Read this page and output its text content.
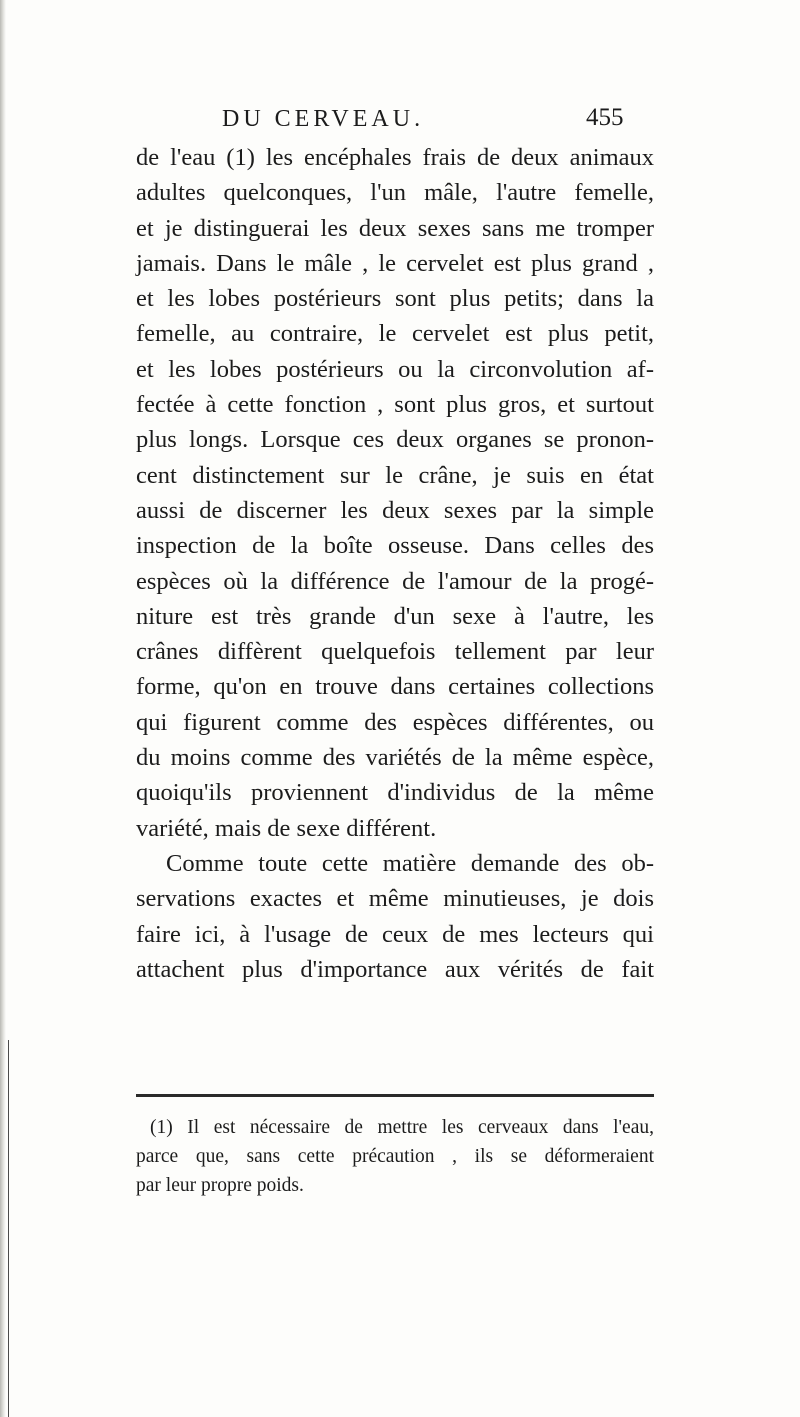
DU CERVEAU.	455
de l'eau (1) les encéphales frais de deux animaux
adultes quelconques, l'un mâle, l'autre femelle,
et je distinguerai les deux sexes sans me tromper
jamais. Dans le mâle , le cervelet est plus grand ,
et les lobes postérieurs sont plus petits; dans la
femelle, au contraire, le cervelet est plus petit,
et les lobes postérieurs ou la circonvolution af-
fectée à cette fonction , sont plus gros, et surtout
plus longs. Lorsque ces deux organes se pronon-
cent distinctement sur le crâne, je suis en état
aussi de discerner les deux sexes par la simple
inspection de la boîte osseuse. Dans celles des
espèces où la différence de l'amour de la progé-
niture est très grande d'un sexe à l'autre, les
crânes diffèrent quelquefois tellement par leur
forme, qu'on en trouve dans certaines collections
qui figurent comme des espèces différentes, ou
du moins comme des variétés de la même espèce,
quoiqu'ils proviennent d'individus de la même
variété, mais de sexe différent.
Comme toute cette matière demande des ob-
servations exactes et même minutieuses, je dois
faire ici, à l'usage de ceux de mes lecteurs qui
attachent plus d'importance aux vérités de fait
(1) Il est nécessaire de mettre les cerveaux dans l'eau,
parce que, sans cette précaution , ils se déformeraient
par leur propre poids.
